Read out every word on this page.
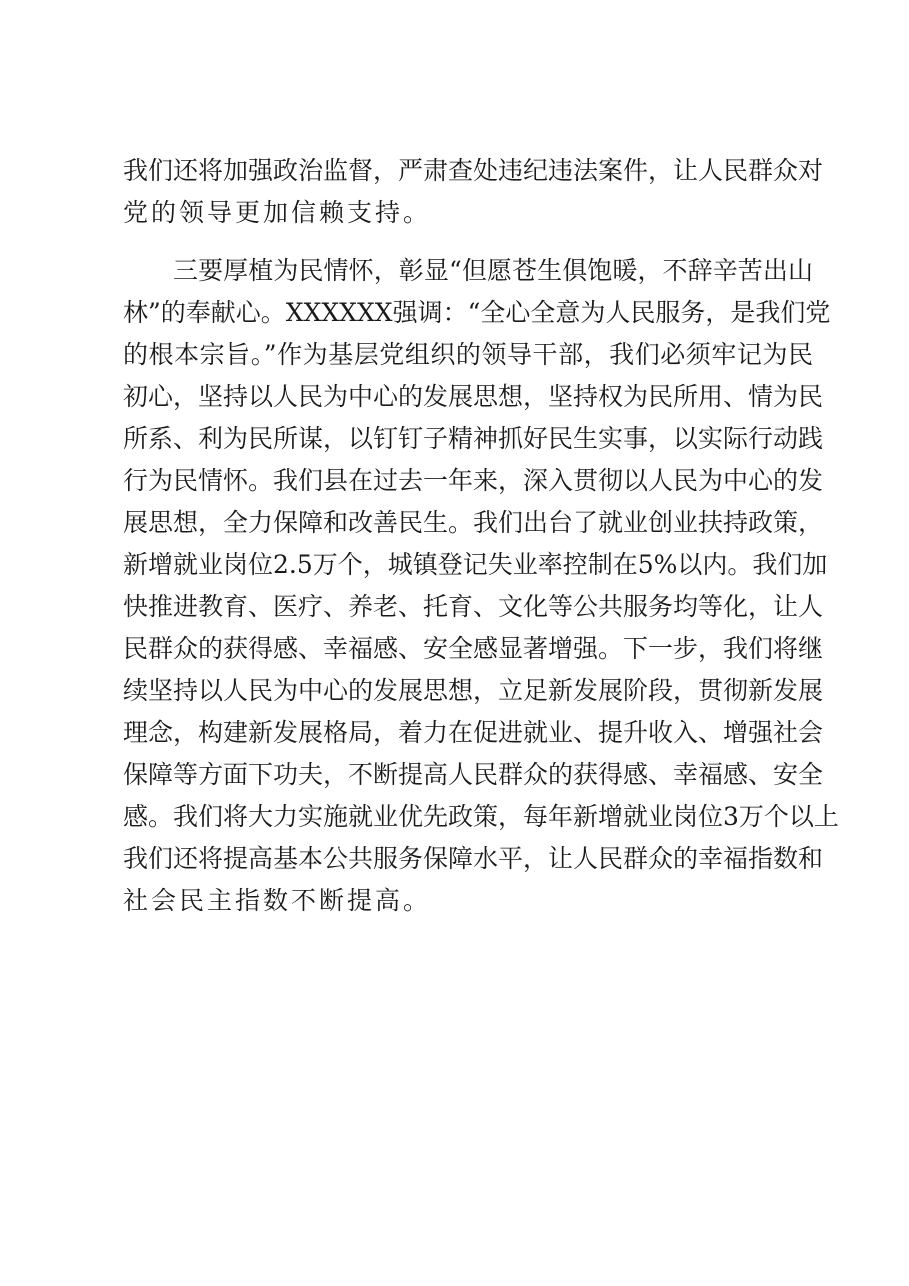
我们还将加强政治监督，严肃查处违纪违法案件，让人民群众对
党的领导更加信赖支持。
三要厚植为民情怀，彰显“但愿苍生俱饱暖，不辞辛苦出山
林”的奉献心。XXXXXX强调：“全心全意为人民服务，是我们党
的根本宗旨。”作为基层党组织的领导干部，我们必须牢记为民
初心，坚持以人民为中心的发展思想，坚持权为民所用、情为民
所系、利为民所谋，以钉钉子精神抓好民生实事，以实际行动践
行为民情怀。我们县在过去一年来，深入贯彻以人民为中心的发
展思想，全力保障和改善民生。我们出台了就业创业扶持政策，
新增就业岗位2.5万个，城镇登记失业率控制在5%以内。我们加
快推进教育、医疗、养老、托育、文化等公共服务均等化，让人
民群众的获得感、幸福感、安全感显著增强。下一步，我们将继
续坚持以人民为中心的发展思想，立足新发展阶段，贯彻新发展
理念，构建新发展格局，着力在促进就业、提升收入、增强社会
保障等方面下功夫，不断提高人民群众的获得感、幸福感、安全
感。我们将大力实施就业优先政策，每年新增就业岗位3万个以上
我们还将提高基本公共服务保障水平，让人民群众的幸福指数和
社会民主指数不断提高。
